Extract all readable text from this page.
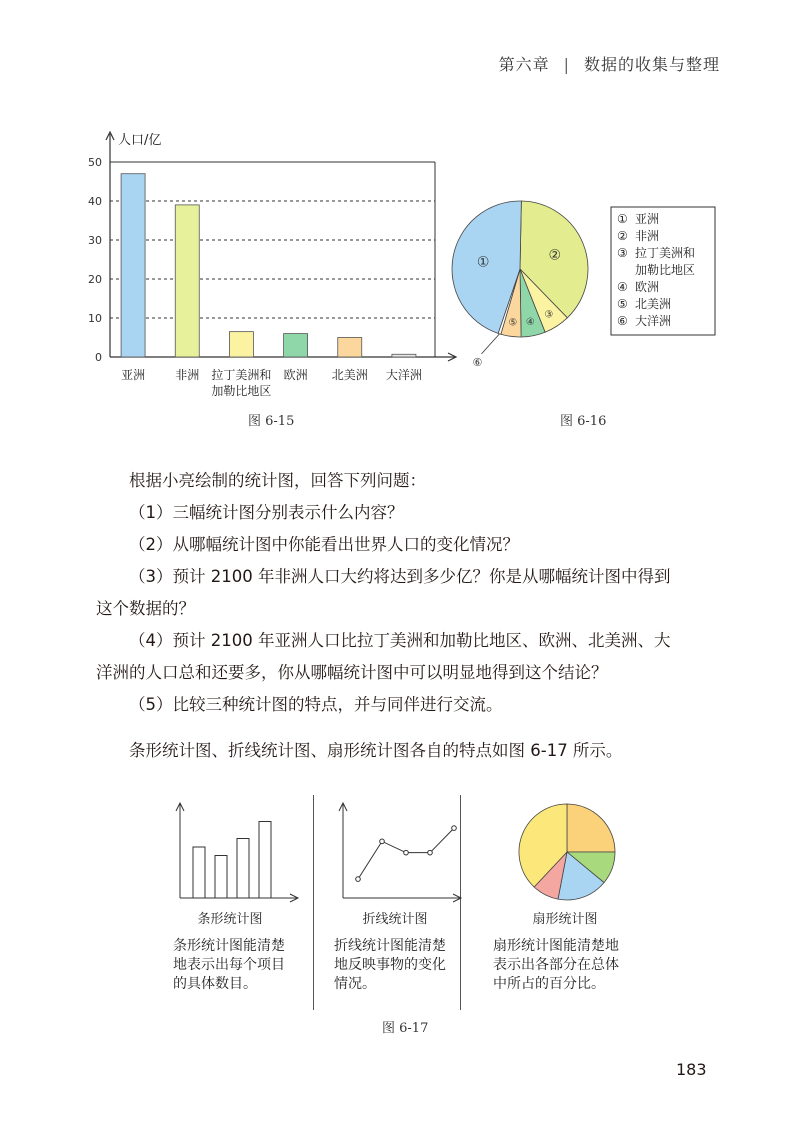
第六章 | 数据的收集与整理
人口/亿
0
10
20
30
40
50
亚洲	非洲 拉丁美洲和
加勒比地区
欧洲 北美洲 大洋洲
图 6-15
②
③
④
⑤
①
⑥
① 亚洲
② 非洲
③ 拉丁美洲和
加勒比地区
④ 欧洲
⑤ 北美洲
⑥ 大洋洲
图 6-16

根据小亮绘制的统计图，回答下列问题：

（1）三幅统计图分别表示什么内容？

（2）从哪幅统计图中你能看出世界人口的变化情况？

（3）预计 2100 年非洲人口大约将达到多少亿？你是从哪幅统计图中得到

这个数据的？

（4）预计 2100 年亚洲人口比拉丁美洲和加勒比地区、欧洲、北美洲、大

洋洲的人口总和还要多，你从哪幅统计图中可以明显地得到这个结论？

（5）比较三种统计图的特点，并与同伴进行交流。

条形统计图、折线统计图、扇形统计图各自的特点如图 6-17 所示。

条形统计图
条形统计图能清楚
地表示出每个项目
的具体数目。
折线统计图
折线统计图能清楚
地反映事物的变化
情况。
扇形统计图
扇形统计图能清楚地
表示出各部分在总体
中所占的百分比。
图 6-17
183
